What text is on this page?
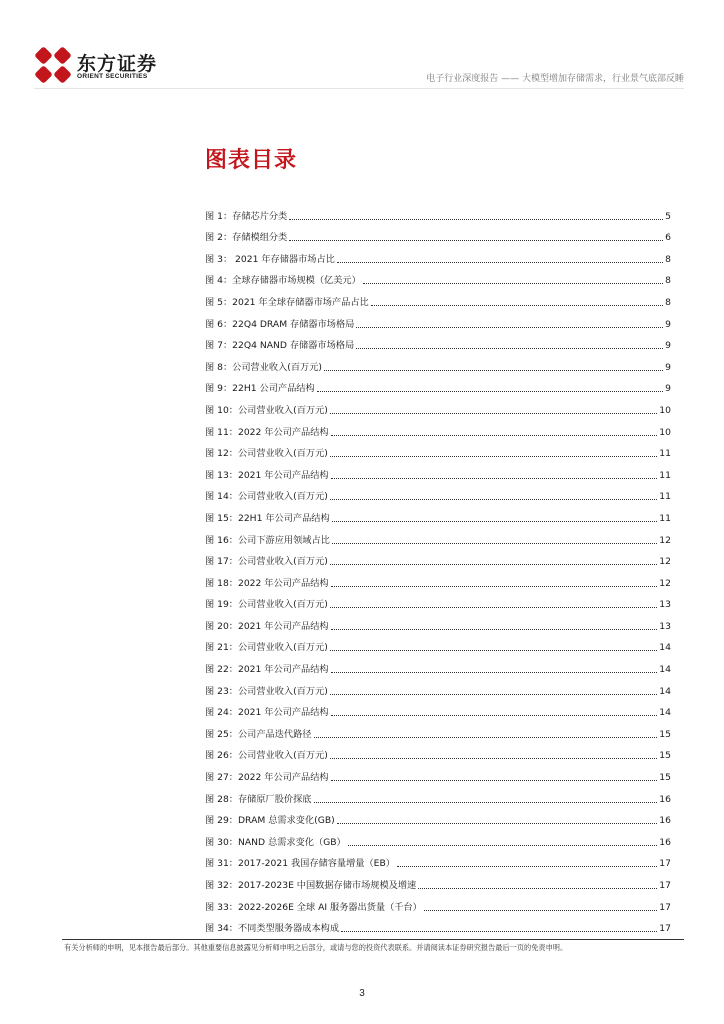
东方证券
ORIENT SECURITIES	电子行业深度报告 —— 大模型增加存储需求，行业景气底部反睡
图表目录
图 1：存储芯片分类	5
图 2：存储模组分类	6
图 3： 2021 年存储器市场占比	8
图 4：全球存储器市场规模（亿美元）	8
图 5：2021 年全球存储器市场产品占比	8
图 6：22Q4 DRAM 存储器市场格局	9
图 7：22Q4 NAND 存储器市场格局	9
图 8：公司营业收入(百万元)	9
图 9：22H1 公司产品结构	9
图 10：公司营业收入(百万元)	10
图 11：2022 年公司产品结构	10
图 12：公司营业收入(百万元)	11
图 13：2021 年公司产品结构	11
图 14：公司营业收入(百万元)	11
图 15：22H1 年公司产品结构	11
图 16：公司下游应用领域占比	12
图 17：公司营业收入(百万元)	12
图 18：2022 年公司产品结构	12
图 19：公司营业收入(百万元)	13
图 20：2021 年公司产品结构	13
图 21：公司营业收入(百万元)	14
图 22：2021 年公司产品结构	14
图 23：公司营业收入(百万元)	14
图 24：2021 年公司产品结构	14
图 25：公司产品迭代路径	15
图 26：公司营业收入(百万元)	15
图 27：2022 年公司产品结构	15
图 28：存储原厂股价探底	16
图 29：DRAM 总需求变化(GB)	16
图 30：NAND 总需求变化（GB）	16
图 31：2017-2021 我国存储容量增量（EB）	17
图 32：2017-2023E 中国数据存储市场规模及增速	17
图 33：2022-2026E 全球 AI 服务器出货量（千台）	17
图 34：不同类型服务器成本构成	17
有关分析师的申明，见本报告最后部分。其他重要信息披露见分析师申明之后部分，或请与您的投资代表联系。并请阅读本证券研究报告最后一页的免责申明。
3
